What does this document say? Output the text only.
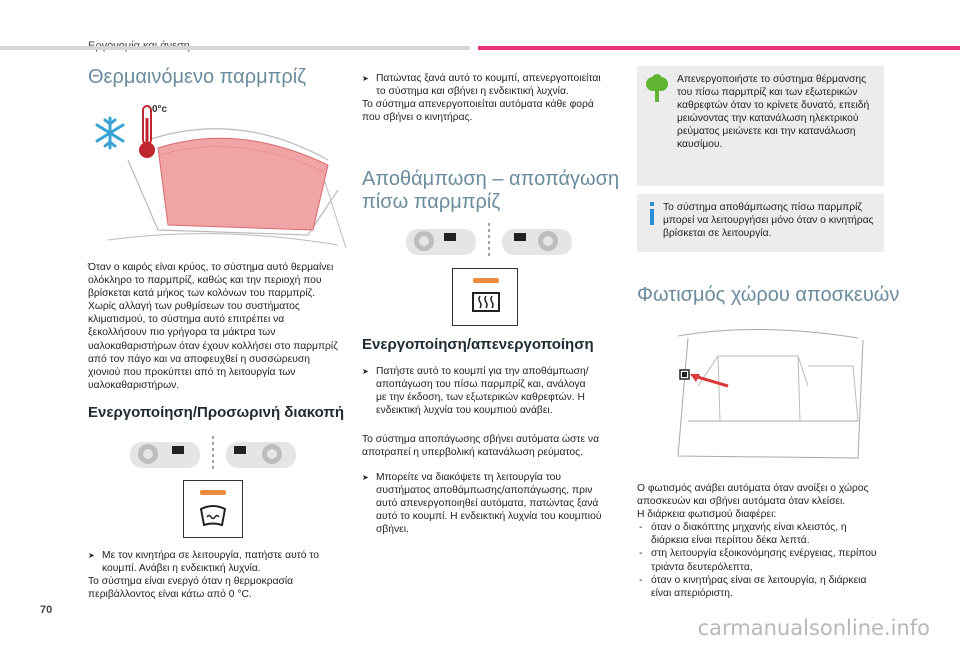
Θερμαινόμενο παρμπρίζ
0°c
Όταν ο καιρός είναι κρύος, το σύστημα αυτό θερμαίνει
ολόκληρο το παρμπρίζ, καθώς και την περιοχή που
βρίσκεται κατά μήκος των κολόνων του παρμπρίζ.
Χωρίς αλλαγή των ρυθμίσεων του συστήματος
κλιματισμού, το σύστημα αυτό επιτρέπει να
ξεκολλήσουν πιο γρήγορα τα μάκτρα των
υαλοκαθαριστήρων όταν έχουν κολλήσει στο παρμπρίζ
από τον πάγο και να αποφευχθεί η συσσώρευση
χιονιού που προκύπτει από τη λειτουργία των
υαλοκαθαριστήρων.
Ενεργοποίηση/Προσωρινή διακοπή
➤ Με τον κινητήρα σε λειτουργία, πατήστε αυτό το
κουμπί. Ανάβει η ενδεικτική λυχνία.
Το σύστημα είναι ενεργό όταν η θερμοκρασία
περιβάλλοντος είναι κάτω από 0 °C.
➤ Πατώντας ξανά αυτό το κουμπί, απενεργοποιείται
το σύστημα και σβήνει η ενδεικτική λυχνία.
Το σύστημα απενεργοποιείται αυτόματα κάθε φορά
που σβήνει ο κινητήρας.
Αποθάμπωση – αποπάγωση
πίσω παρμπρίζ
Ενεργοποίηση/απενεργοποίηση
➤ Πατήστε αυτό το κουμπί για την αποθάμπωση/
αποπάγωση του πίσω παρμπρίζ και, ανάλογα
με την έκδοση, των εξωτερικών καθρεφτών. Η
ενδεικτική λυχνία του κουμπιού ανάβει.
Το σύστημα αποπάγωσης σβήνει αυτόματα ώστε να
αποτραπεί η υπερβολική κατανάλωση ρεύματος.
➤ Μπορείτε να διακόψετε τη λειτουργία του
συστήματος αποθάμπωσης/αποπάγωσης, πριν
αυτό απενεργοποιηθεί αυτόματα, πατώντας ξανά
αυτό το κουμπί. Η ενδεικτική λυχνία του κουμπιού
σβήνει.
Απενεργοποιήστε το σύστημα θέρμανσης
του πίσω παρμπρίζ και των εξωτερικών
καθρεφτών όταν το κρίνετε δυνατό, επειδή
μειώνοντας την κατανάλωση ηλεκτρικού
ρεύματος μειώνετε και την κατανάλωση
καυσίμου.
Το σύστημα αποθάμπωσης πίσω παρμπρίζ
μπορεί να λειτουργήσει μόνο όταν ο κινητήρας
βρίσκεται σε λειτουργία.
Φωτισμός χώρου αποσκευών
Ο φωτισμός ανάβει αυτόματα όταν ανοίξει ο χώρος
αποσκευών και σβήνει αυτόματα όταν κλείσει.
Η διάρκεια φωτισμού διαφέρει:
- όταν ο διακόπτης μηχανής είναι κλειστός, η
διάρκεια είναι περίπου δέκα λεπτά.
- στη λειτουργία εξοικονόμησης ενέργειας, περίπου
τριάντα δευτερόλεπτα,
- όταν ο κινητήρας είναι σε λειτουργία, η διάρκεια
είναι απεριόριστη.
70
carmanualsonline.info
